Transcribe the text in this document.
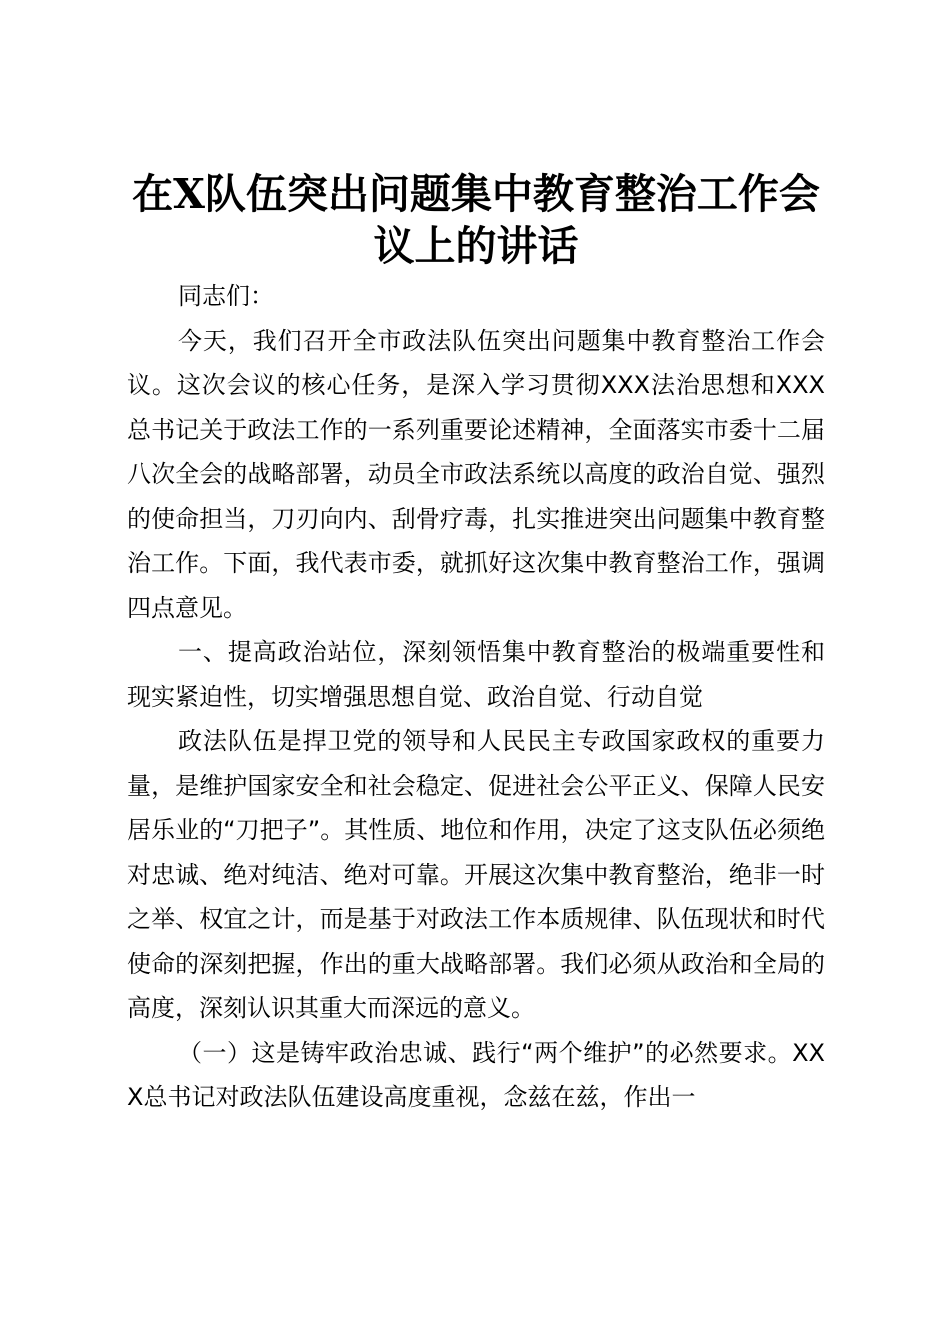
在X队伍突出问题集中教育整治工作会议上的讲话

同志们：

今天，我们召开全市政法队伍突出问题集中教育整治工作会议。这次会议的核心任务，是深入学习贯彻XXX法治思想和XXX总书记关于政法工作的一系列重要论述精神，全面落实市委十二届八次全会的战略部署，动员全市政法系统以高度的政治自觉、强烈的使命担当，刀刃向内、刮骨疗毒，扎实推进突出问题集中教育整治工作。下面，我代表市委，就抓好这次集中教育整治工作，强调四点意见。

一、提高政治站位，深刻领悟集中教育整治的极端重要性和现实紧迫性，切实增强思想自觉、政治自觉、行动自觉

政法队伍是捍卫党的领导和人民民主专政国家政权的重要力量，是维护国家安全和社会稳定、促进社会公平正义、保障人民安居乐业的“刀把子”。其性质、地位和作用，决定了这支队伍必须绝对忠诚、绝对纯洁、绝对可靠。开展这次集中教育整治，绝非一时之举、权宜之计，而是基于对政法工作本质规律、队伍现状和时代使命的深刻把握，作出的重大战略部署。我们必须从政治和全局的高度，深刻认识其重大而深远的意义。

（一）这是铸牢政治忠诚、践行“两个维护”的必然要求。XXX总书记对政法队伍建设高度重视，念兹在兹，作出一
